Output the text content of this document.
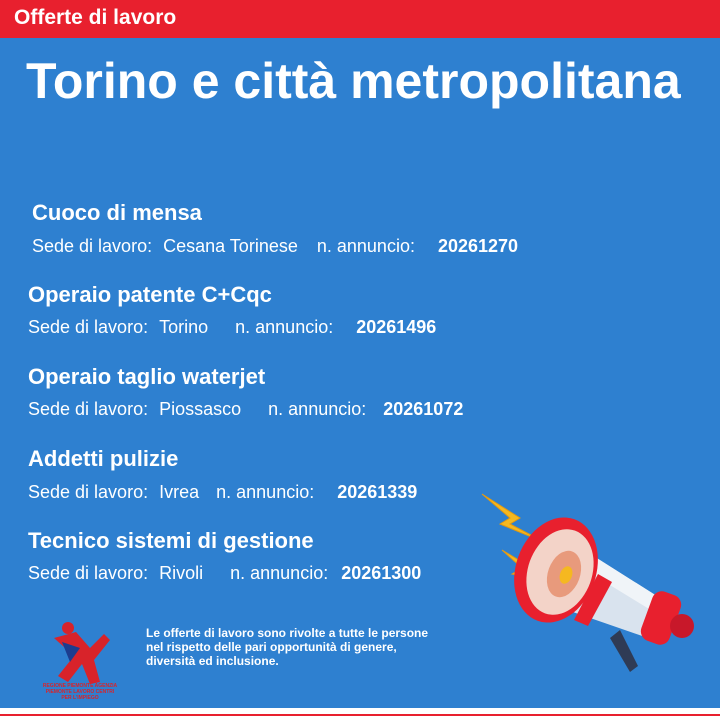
Offerte di lavoro
Torino e città metropolitana
Cuoco di mensa
Sede di lavoro: Cesana Torinese n. annuncio: 20261270
Operaio patente C+Cqc
Sede di lavoro: Torino n. annuncio: 20261496
Operaio taglio waterjet
Sede di lavoro: Piossasco n. annuncio: 20261072
Addetti pulizie
Sede di lavoro: Ivrea n. annuncio: 20261339
Tecnico sistemi di gestione
Sede di lavoro: Rivoli n. annuncio: 20261300
REGIONE PIEMONTE AGENZIA PIEMONTE LAVORO CENTRI PER L'IMPIEGO
Le offerte di lavoro sono rivolte a tutte le persone nel rispetto delle pari opportunità di genere, diversità ed inclusione.
